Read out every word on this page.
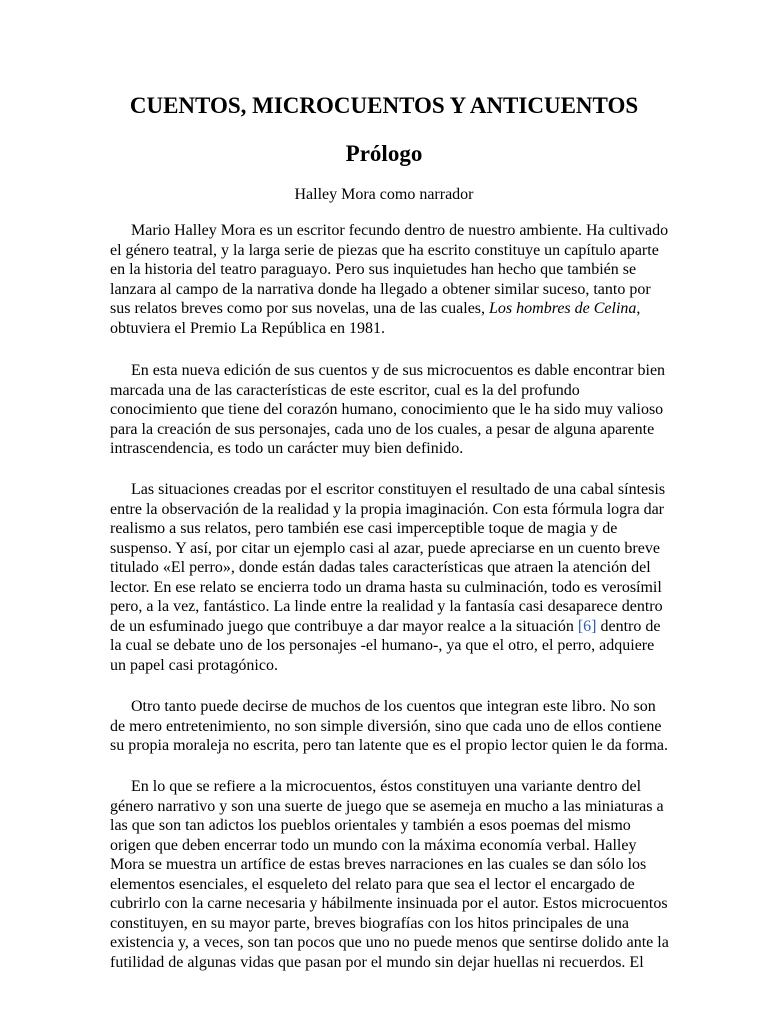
CUENTOS, MICROCUENTOS Y ANTICUENTOS
Prólogo

Halley Mora como narrador

Mario Halley Mora es un escritor fecundo dentro de nuestro ambiente. Ha cultivado
el género teatral, y la larga serie de piezas que ha escrito constituye un capítulo aparte
en la historia del teatro paraguayo. Pero sus inquietudes han hecho que también se
lanzara al campo de la narrativa donde ha llegado a obtener similar suceso, tanto por
sus relatos breves como por sus novelas, una de las cuales, Los hombres de Celina,
obtuviera el Premio La República en 1981.
En esta nueva edición de sus cuentos y de sus microcuentos es dable encontrar bien
marcada una de las características de este escritor, cual es la del profundo
conocimiento que tiene del corazón humano, conocimiento que le ha sido muy valioso
para la creación de sus personajes, cada uno de los cuales, a pesar de alguna aparente
intrascendencia, es todo un carácter muy bien definido.
Las situaciones creadas por el escritor constituyen el resultado de una cabal síntesis
entre la observación de la realidad y la propia imaginación. Con esta fórmula logra dar
realismo a sus relatos, pero también ese casi imperceptible toque de magia y de
suspenso. Y así, por citar un ejemplo casi al azar, puede apreciarse en un cuento breve
titulado «El perro», donde están dadas tales características que atraen la atención del
lector. En ese relato se encierra todo un drama hasta su culminación, todo es verosímil
pero, a la vez, fantástico. La linde entre la realidad y la fantasía casi desaparece dentro
de un esfuminado juego que contribuye a dar mayor realce a la situación [6] dentro de
la cual se debate uno de los personajes -el humano-, ya que el otro, el perro, adquiere
un papel casi protagónico.
Otro tanto puede decirse de muchos de los cuentos que integran este libro. No son
de mero entretenimiento, no son simple diversión, sino que cada uno de ellos contiene
su propia moraleja no escrita, pero tan latente que es el propio lector quien le da forma.
En lo que se refiere a la microcuentos, éstos constituyen una variante dentro del
género narrativo y son una suerte de juego que se asemeja en mucho a las miniaturas a
las que son tan adictos los pueblos orientales y también a esos poemas del mismo
origen que deben encerrar todo un mundo con la máxima economía verbal. Halley
Mora se muestra un artífice de estas breves narraciones en las cuales se dan sólo los
elementos esenciales, el esqueleto del relato para que sea el lector el encargado de
cubrirlo con la carne necesaria y hábilmente insinuada por el autor. Estos microcuentos
constituyen, en su mayor parte, breves biografías con los hitos principales de una
existencia y, a veces, son tan pocos que uno no puede menos que sentirse dolido ante la
futilidad de algunas vidas que pasan por el mundo sin dejar huellas ni recuerdos. El
